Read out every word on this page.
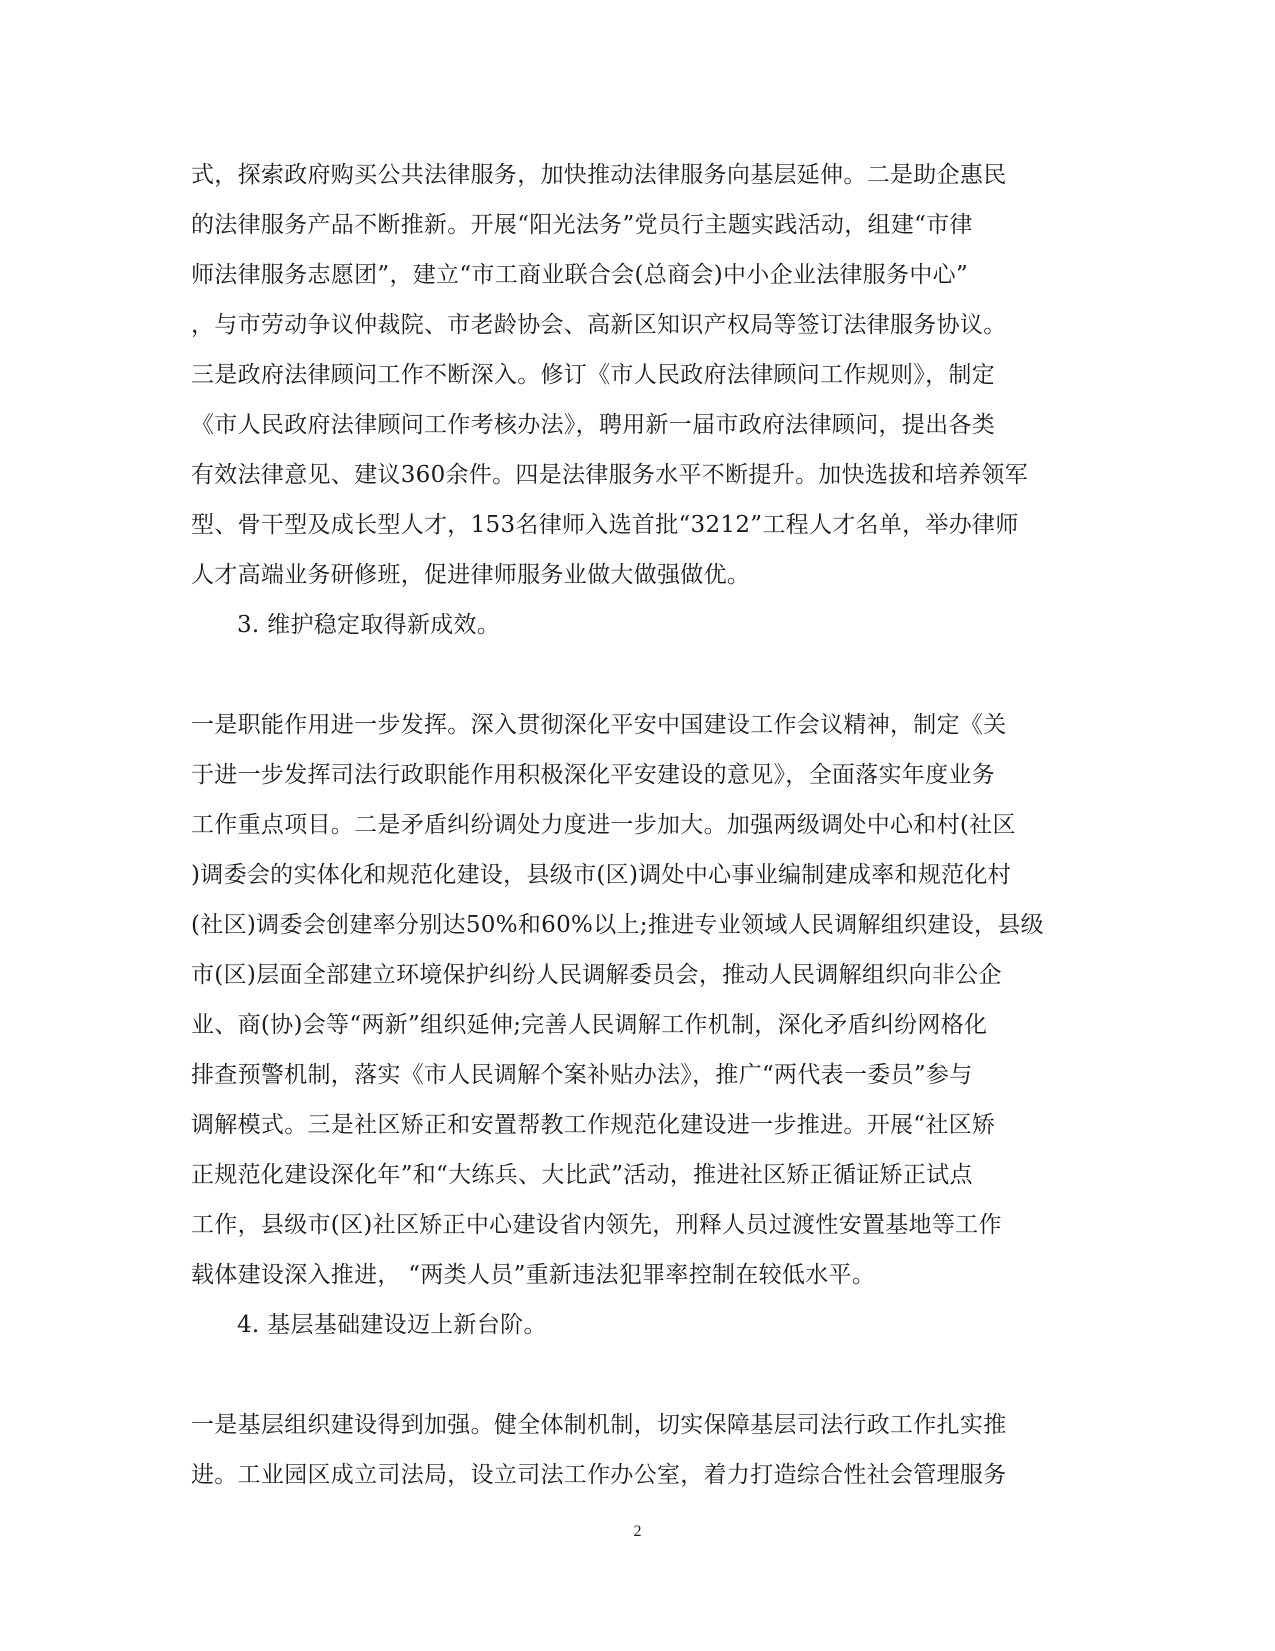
式，探索政府购买公共法律服务，加快推动法律服务向基层延伸。二是助企惠民
的法律服务产品不断推新。开展“阳光法务”党员行主题实践活动，组建“市律
师法律服务志愿团”，建立“市工商业联合会(总商会)中小企业法律服务中心”
，与市劳动争议仲裁院、市老龄协会、高新区知识产权局等签订法律服务协议。
三是政府法律顾问工作不断深入。修订《市人民政府法律顾问工作规则》，制定
《市人民政府法律顾问工作考核办法》，聘用新一届市政府法律顾问，提出各类
有效法律意见、建议360余件。四是法律服务水平不断提升。加快选拔和培养领军
型、骨干型及成长型人才，153名律师入选首批“3212”工程人才名单，举办律师
人才高端业务研修班，促进律师服务业做大做强做优。
3. 维护稳定取得新成效。
一是职能作用进一步发挥。深入贯彻深化平安中国建设工作会议精神，制定《关
于进一步发挥司法行政职能作用积极深化平安建设的意见》，全面落实年度业务
工作重点项目。二是矛盾纠纷调处力度进一步加大。加强两级调处中心和村(社区
)调委会的实体化和规范化建设，县级市(区)调处中心事业编制建成率和规范化村
(社区)调委会创建率分别达50%和60%以上;推进专业领域人民调解组织建设，县级
市(区)层面全部建立环境保护纠纷人民调解委员会，推动人民调解组织向非公企
业、商(协)会等“两新”组织延伸;完善人民调解工作机制，深化矛盾纠纷网格化
排查预警机制，落实《市人民调解个案补贴办法》，推广“两代表一委员”参与
调解模式。三是社区矫正和安置帮教工作规范化建设进一步推进。开展“社区矫
正规范化建设深化年”和“大练兵、大比武”活动，推进社区矫正循证矫正试点
工作，县级市(区)社区矫正中心建设省内领先，刑释人员过渡性安置基地等工作
载体建设深入推进， “两类人员”重新违法犯罪率控制在较低水平。
4. 基层基础建设迈上新台阶。
一是基层组织建设得到加强。健全体制机制，切实保障基层司法行政工作扎实推
进。工业园区成立司法局，设立司法工作办公室，着力打造综合性社会管理服务
2
